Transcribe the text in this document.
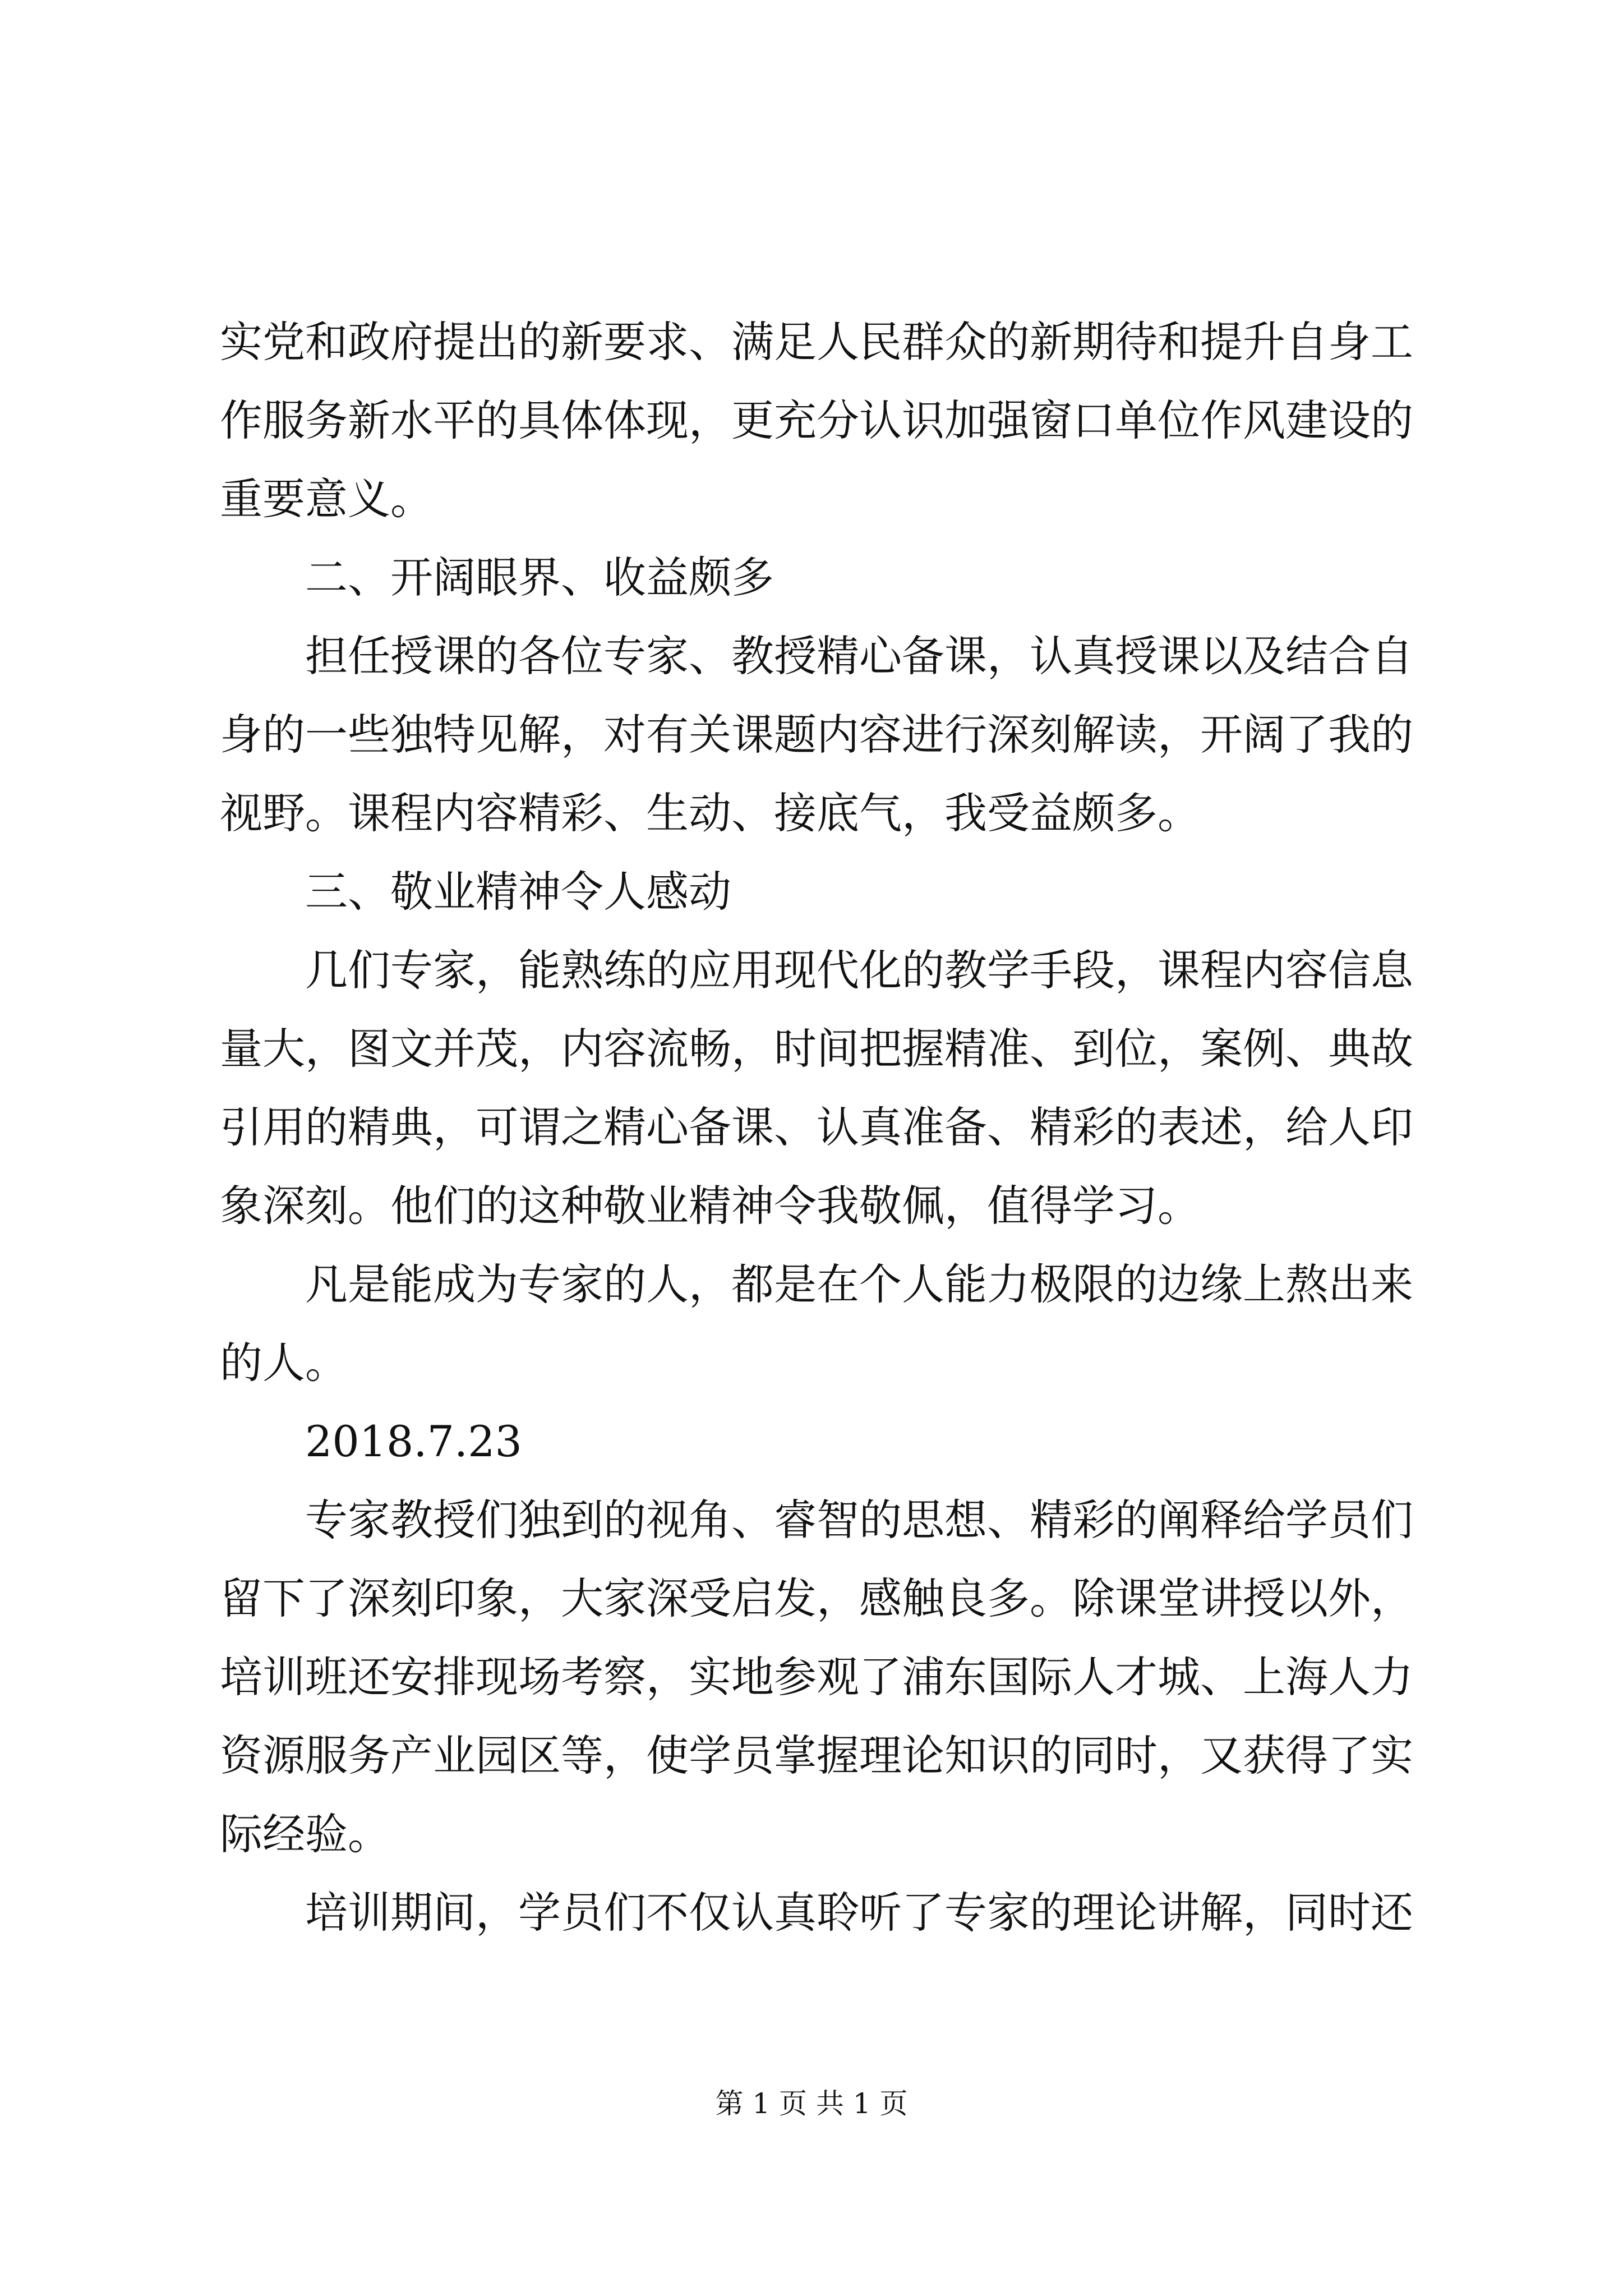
实党和政府提出的新要求、满足人民群众的新期待和提升自身工
作服务新水平的具体体现，更充分认识加强窗口单位作风建设的
重要意义。
二、开阔眼界、收益颇多
担任授课的各位专家、教授精心备课，认真授课以及结合自
身的一些独特见解，对有关课题内容进行深刻解读，开阔了我的
视野。课程内容精彩、生动、接底气，我受益颇多。
三、敬业精神令人感动
几们专家，能熟练的应用现代化的教学手段，课程内容信息
量大，图文并茂，内容流畅，时间把握精准、到位，案例、典故
引用的精典，可谓之精心备课、认真准备、精彩的表述，给人印
象深刻。他们的这种敬业精神令我敬佩，值得学习。
凡是能成为专家的人，都是在个人能力极限的边缘上熬出来
的人。
2018.7.23
专家教授们独到的视角、睿智的思想、精彩的阐释给学员们
留下了深刻印象，大家深受启发，感触良多。除课堂讲授以外，
培训班还安排现场考察，实地参观了浦东国际人才城、上海人力
资源服务产业园区等，使学员掌握理论知识的同时，又获得了实
际经验。
培训期间，学员们不仅认真聆听了专家的理论讲解，同时还
第 1 页 共 1 页
